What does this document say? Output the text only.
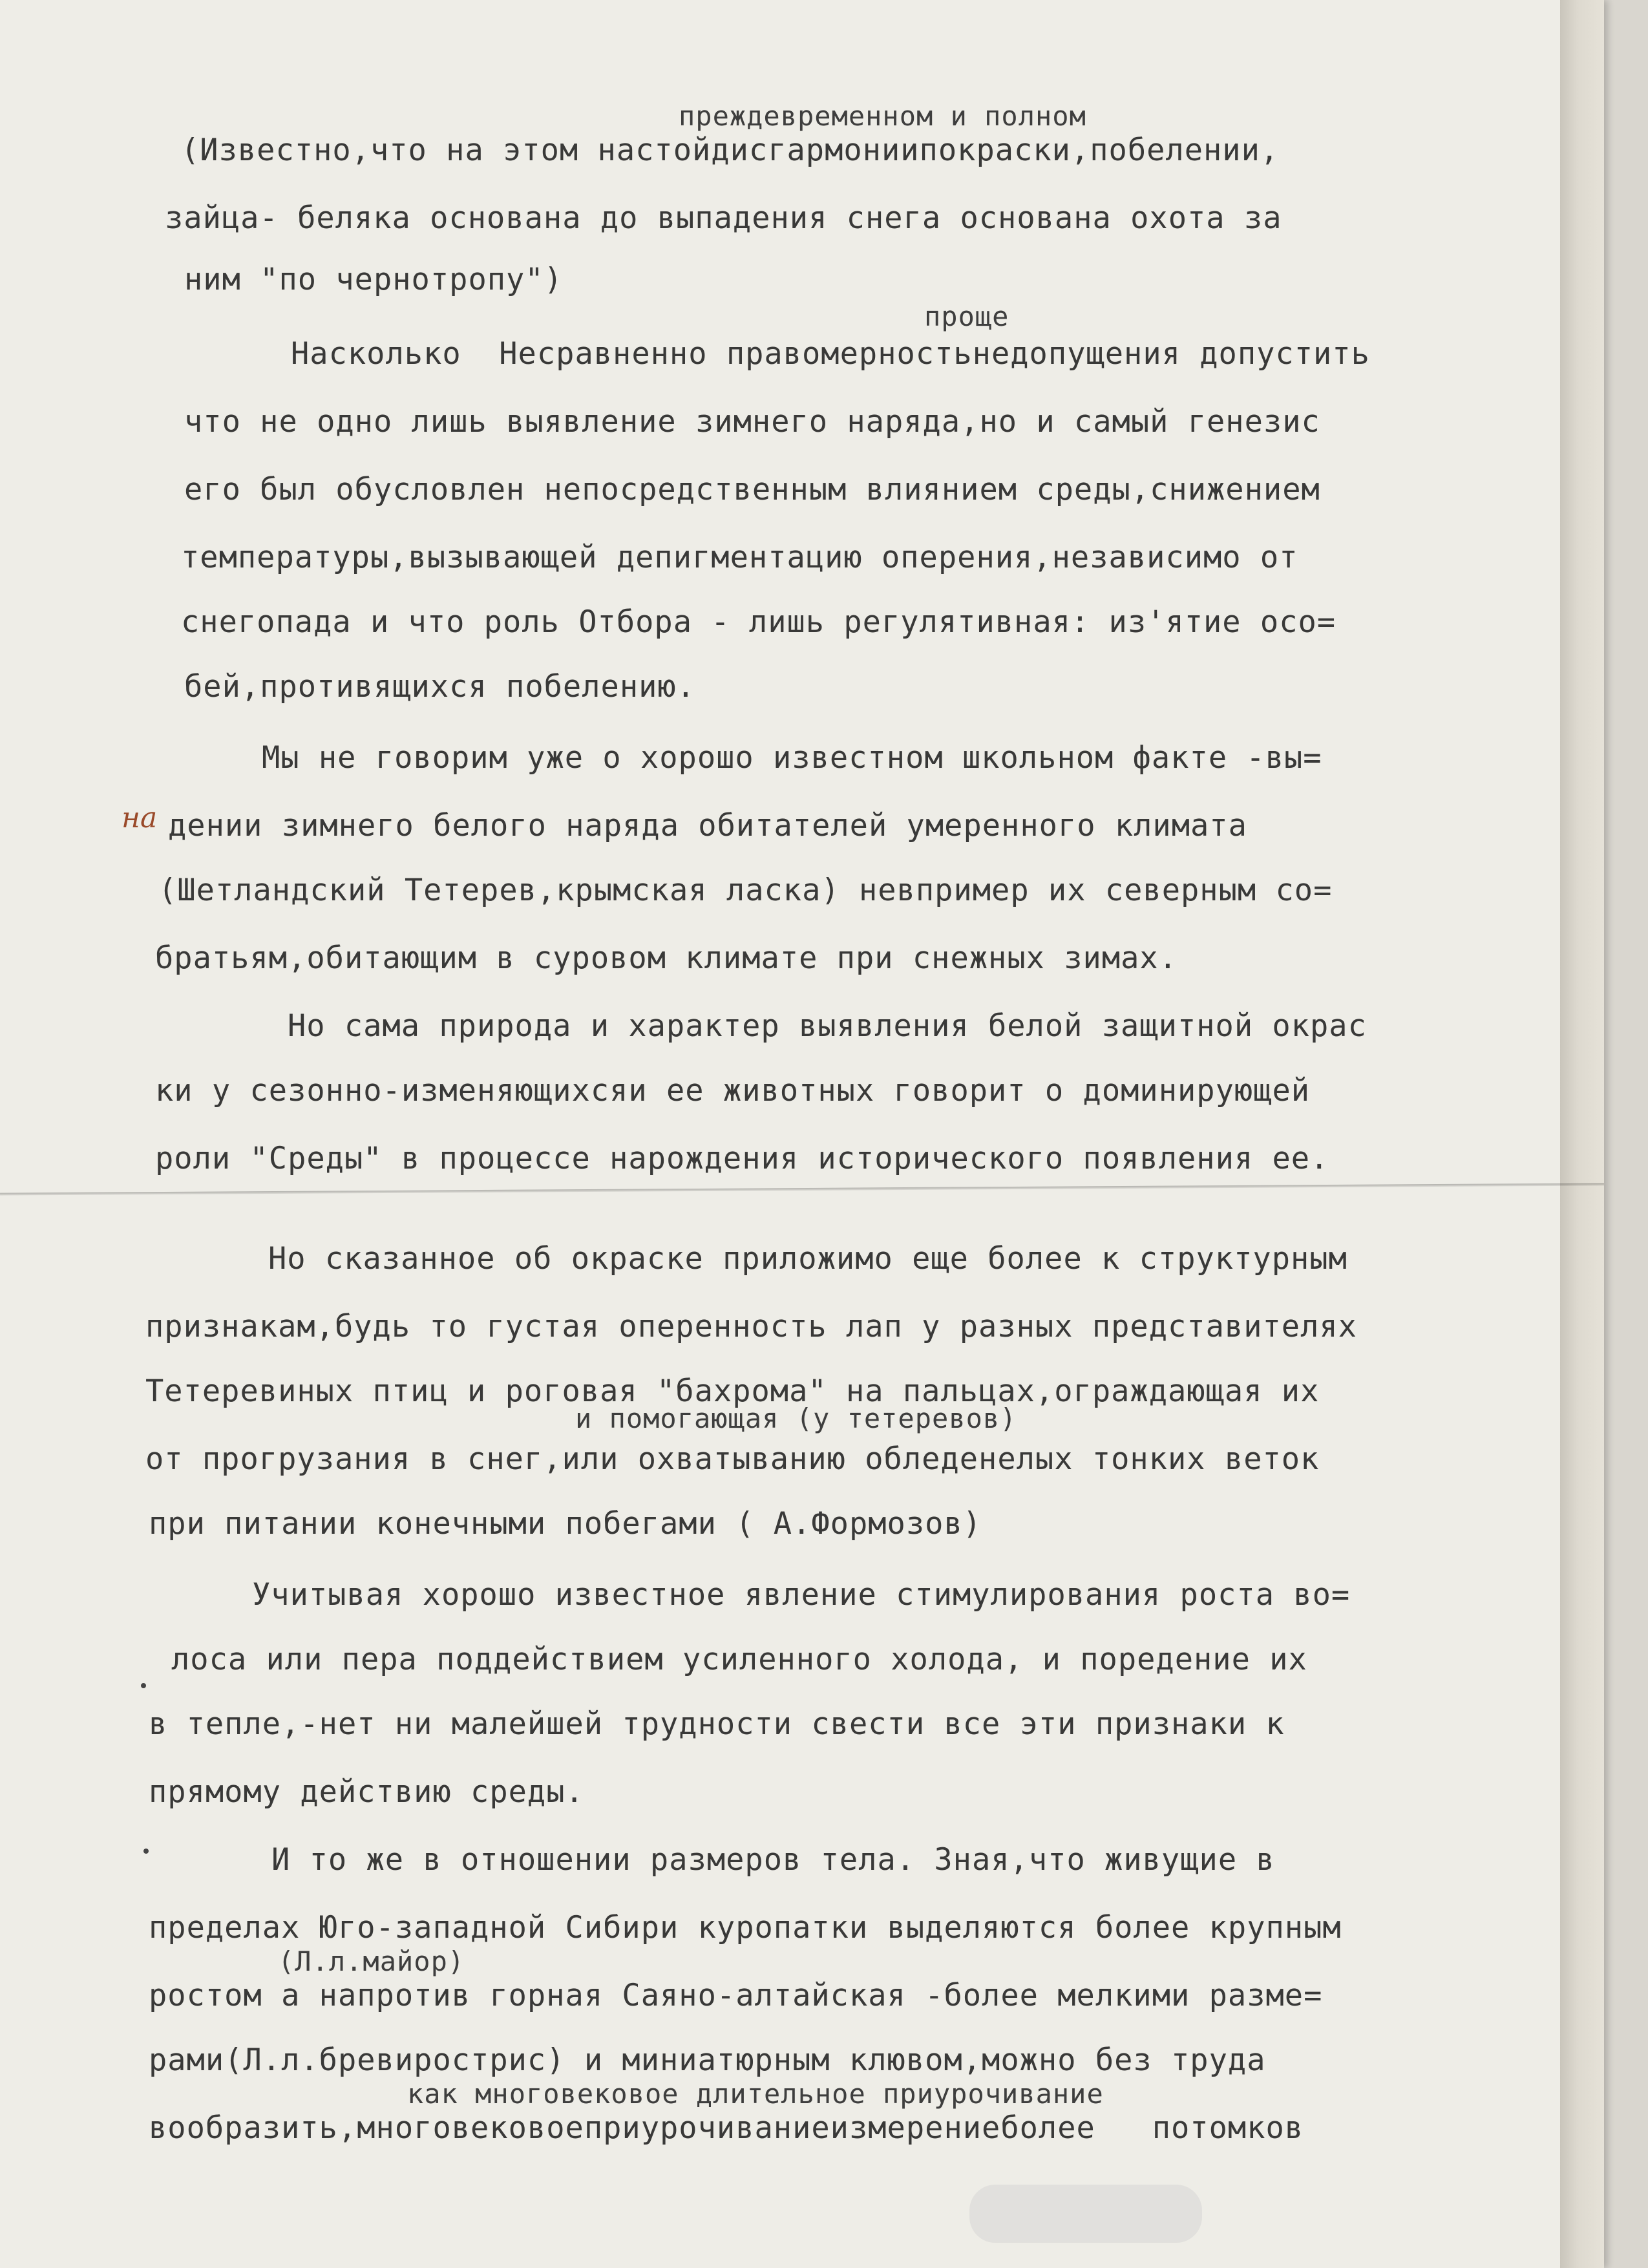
преждевременном и полном
проще
и помогающая (у тетеревов)
(Л.л.майор)
как многовековое длительное приурочивание
на
(Известно,что на этом настойдисгармониипокраски,побелении,
зайца- беляка основана до выпадения снега основана охота за
ним "по чернотропу")
Насколько  Несравненно правомерностьнедопущения допустить
что не одно лишь выявление зимнего наряда,но и самый генезис
его был обусловлен непосредственным влиянием среды,снижением
температуры,вызывающей депигментацию оперения,независимо от
снегопада и что роль Отбора - лишь регулятивная: из'ятие осо=
бей,противящихся побелению.
Мы не говорим уже о хорошо известном школьном факте -вы=
дении зимнего белого наряда обитателей умеренного климата
(Шетландский Тетерев,крымская ласка) невпример их северным со=
братьям,обитающим в суровом климате при снежных зимах.
Но сама природа и характер выявления белой защитной окрас
ки у сезонно-изменяющихсяи ее животных говорит о доминирующей
роли "Среды" в процессе нарождения исторического появления ее.
Но сказанное об окраске приложимо еще более к структурным
признакам,будь то густая оперенность лап у разных представителях
Тетеревиных птиц и роговая "бахрома" на пальцах,ограждающая их
от прогрузания в снег,или охватыванию обледенелых тонких веток
при питании конечными побегами ( А.Формозов)
Учитывая хорошо известное явление стимулирования роста во=
лоса или пера поддействием усиленного холода, и поредение их
в тепле,-нет ни малейшей трудности свести все эти признаки к
прямому действию среды.
И то же в отношении размеров тела. Зная,что живущие в
пределах Юго-западной Сибири куропатки выделяются более крупным
ростом а напротив горная Саяно-алтайская -более мелкими разме=
рами(Л.л.бревирострис) и миниатюрным клювом,можно без труда
вообразить,многовековоеприурочиваниеизмерениеболее   потомков
